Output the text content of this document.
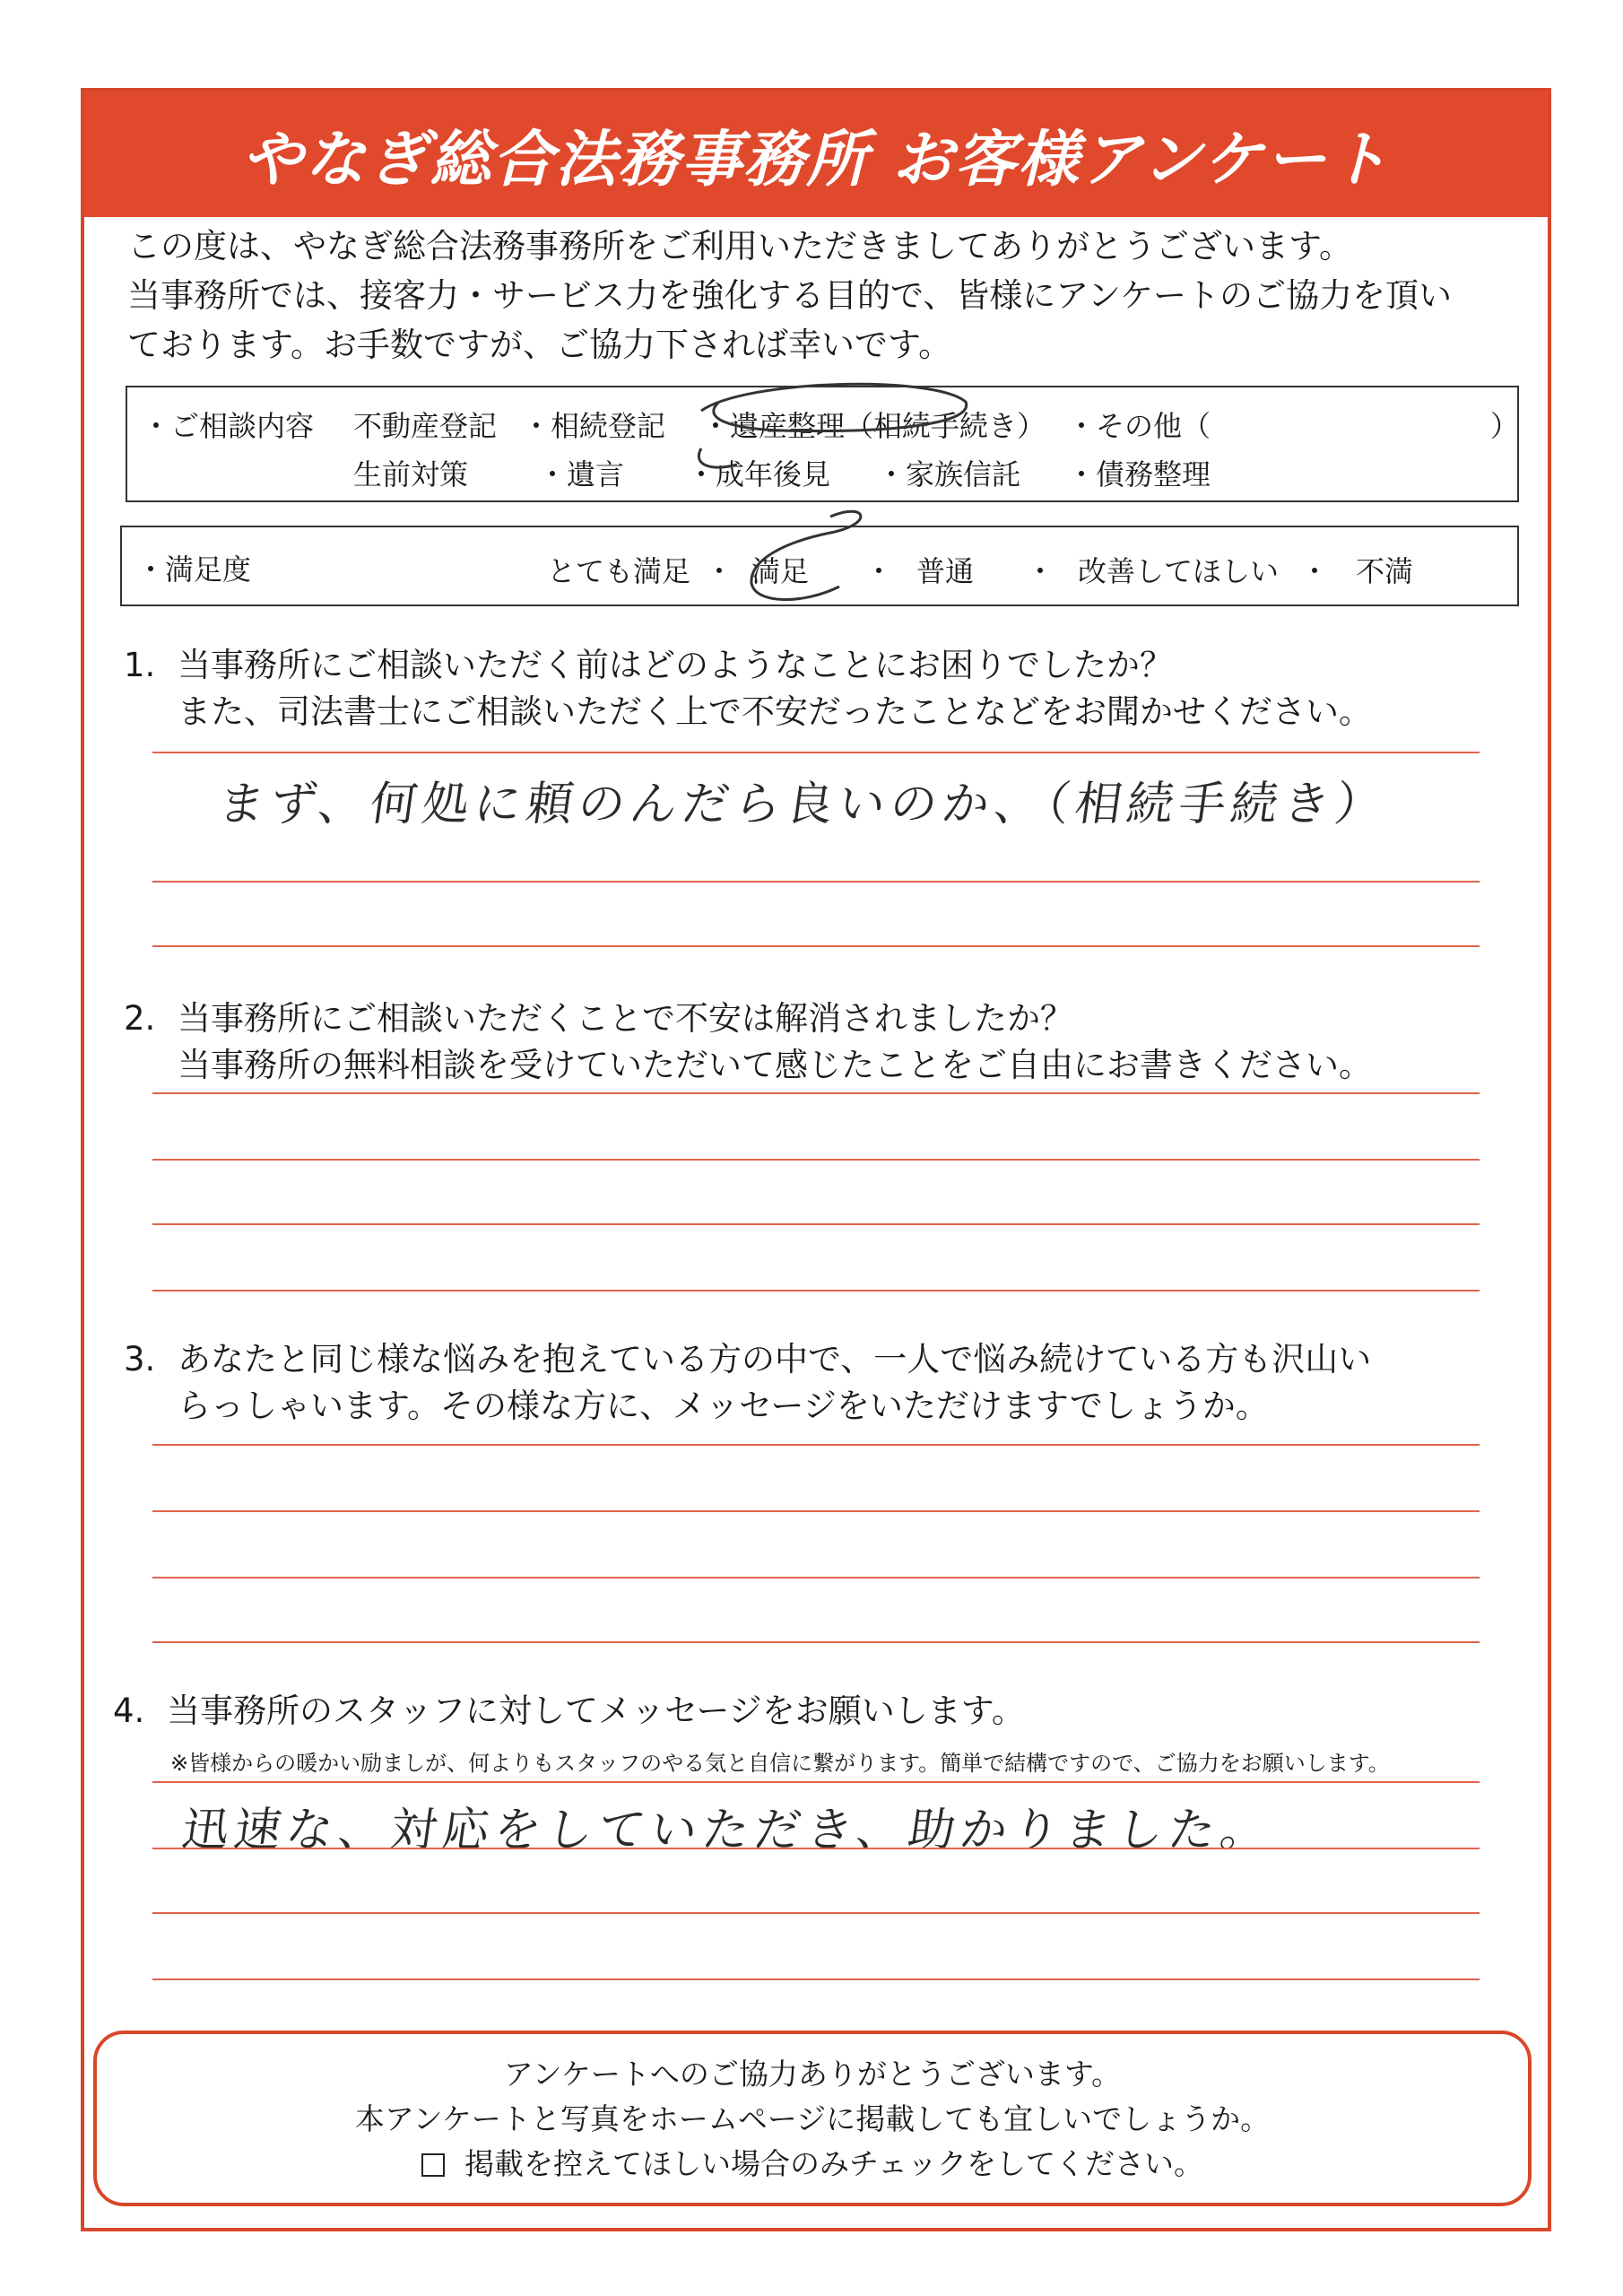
やなぎ総合法務事務所 お客様アンケート
この度は、やなぎ総合法務事務所をご利用いただきましてありがとうございます。
当事務所では、接客力・サービス力を強化する目的で、皆様にアンケートのご協力を頂い
ております。お手数ですが、ご協力下されば幸いです。
・ご相談内容 不動産登記 ・相続登記 ・遺産整理（相続手続き） ・その他（	）
生前対策 ・遺言 ・成年後見 ・家族信託 ・債務整理
・満足度	とても満足 ・ 満足 ・ 普通 ・ 改善してほしい ・ 不満
1. 当事務所にご相談いただく前はどのようなことにお困りでしたか？
また、司法書士にご相談いただく上で不安だったことなどをお聞かせください。
まず、何処に頼のんだら良いのか、（相続手続き）
2. 当事務所にご相談いただくことで不安は解消されましたか？
当事務所の無料相談を受けていただいて感じたことをご自由にお書きください。
3. あなたと同じ様な悩みを抱えている方の中で、一人で悩み続けている方も沢山い
らっしゃいます。その様な方に、メッセージをいただけますでしょうか。
4. 当事務所のスタッフに対してメッセージをお願いします。
※皆様からの暖かい励ましが、何よりもスタッフのやる気と自信に繋がります。簡単で結構ですので、ご協力をお願いします。
迅速な、対応をしていただき、助かりました。
アンケートへのご協力ありがとうございます。
本アンケートと写真をホームページに掲載しても宜しいでしょうか。
掲載を控えてほしい場合のみチェックをしてください。
